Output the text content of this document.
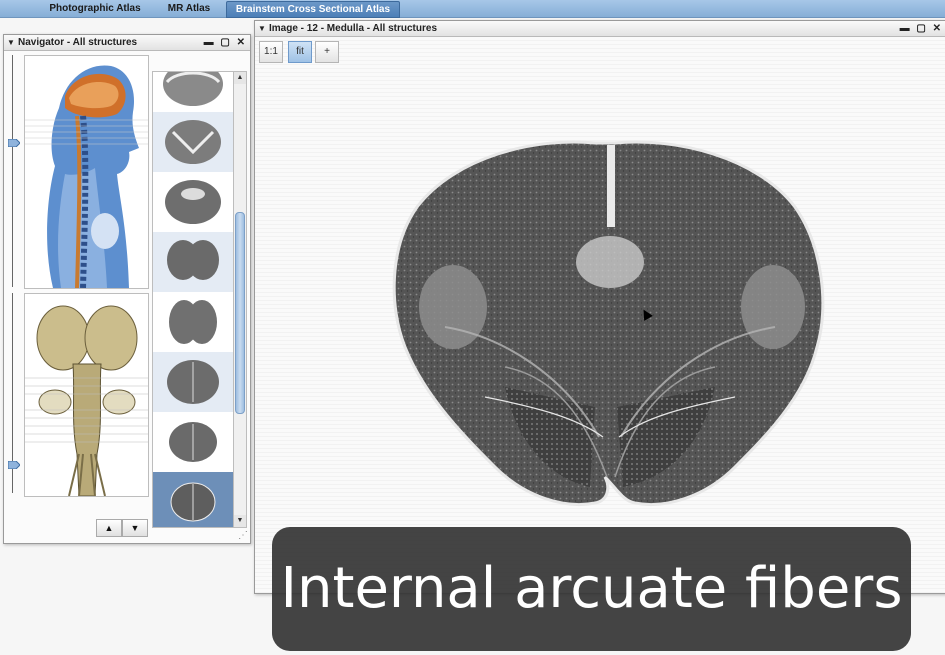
Photographic Atlas	MR Atlas	Brainstem Cross Sectional Atlas
▼ Navigator - All structures	▬ ▢ ✕
▲
▼
▲	▼
⋰
▼ Image - 12 - Medulla - All structures	▬ ▢ ✕
1:1	fit	+
Internal arcuate fibers
